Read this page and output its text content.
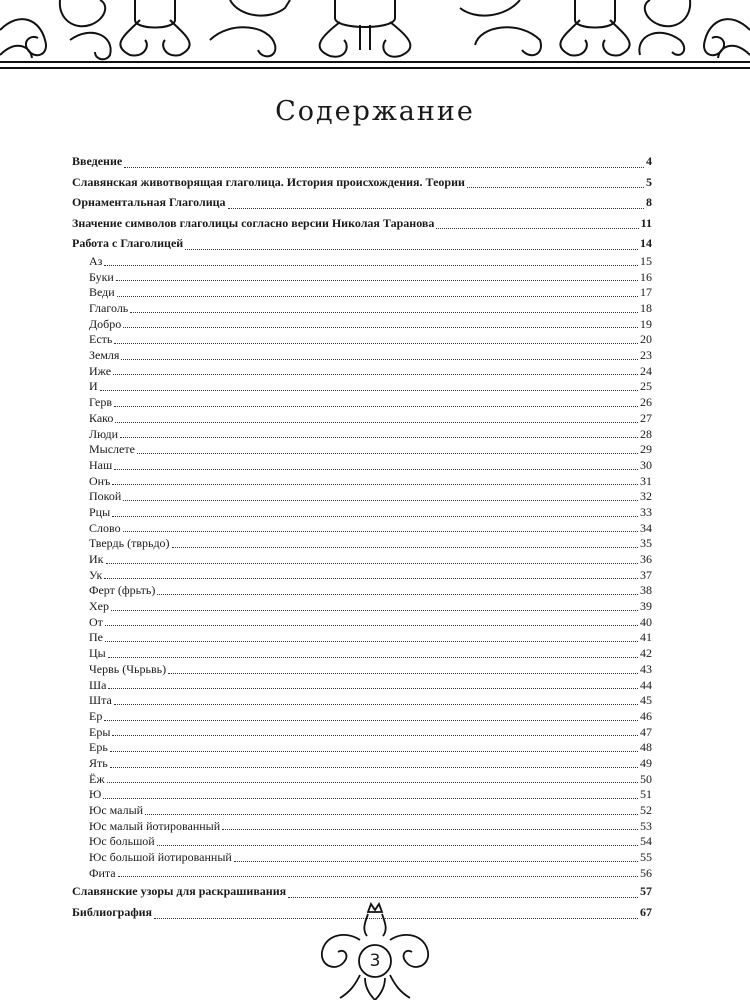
Содержание
Введение	4
Славянская животворящая глаголица. История происхождения. Теории	5
Орнаментальная Глаголица	8
Значение символов глаголицы согласно версии Николая Таранова	11
Работа с Глаголицей	14
Аз	15
Буки	16
Веди	17
Глаголь	18
Добро	19
Есть	20
Земля	23
Иже	24
И	25
Герв	26
Како	27
Люди	28
Мыслете	29
Наш	30
Онъ	31
Покой	32
Рцы	33
Слово	34
Твердь (тврьдо)	35
Ик	36
Ук	37
Ферт (фрьть)	38
Хер	39
От	40
Пе	41
Цы	42
Червь (Чьрьвь)	43
Ша	44
Шта	45
Ер	46
Еры	47
Ерь	48
Ять	49
Ёж	50
Ю	51
Юс малый	52
Юс малый йотированный	53
Юс большой	54
Юс большой йотированный	55
Фита	56
Славянские узоры для раскрашивания	57
Библиография	67
3
